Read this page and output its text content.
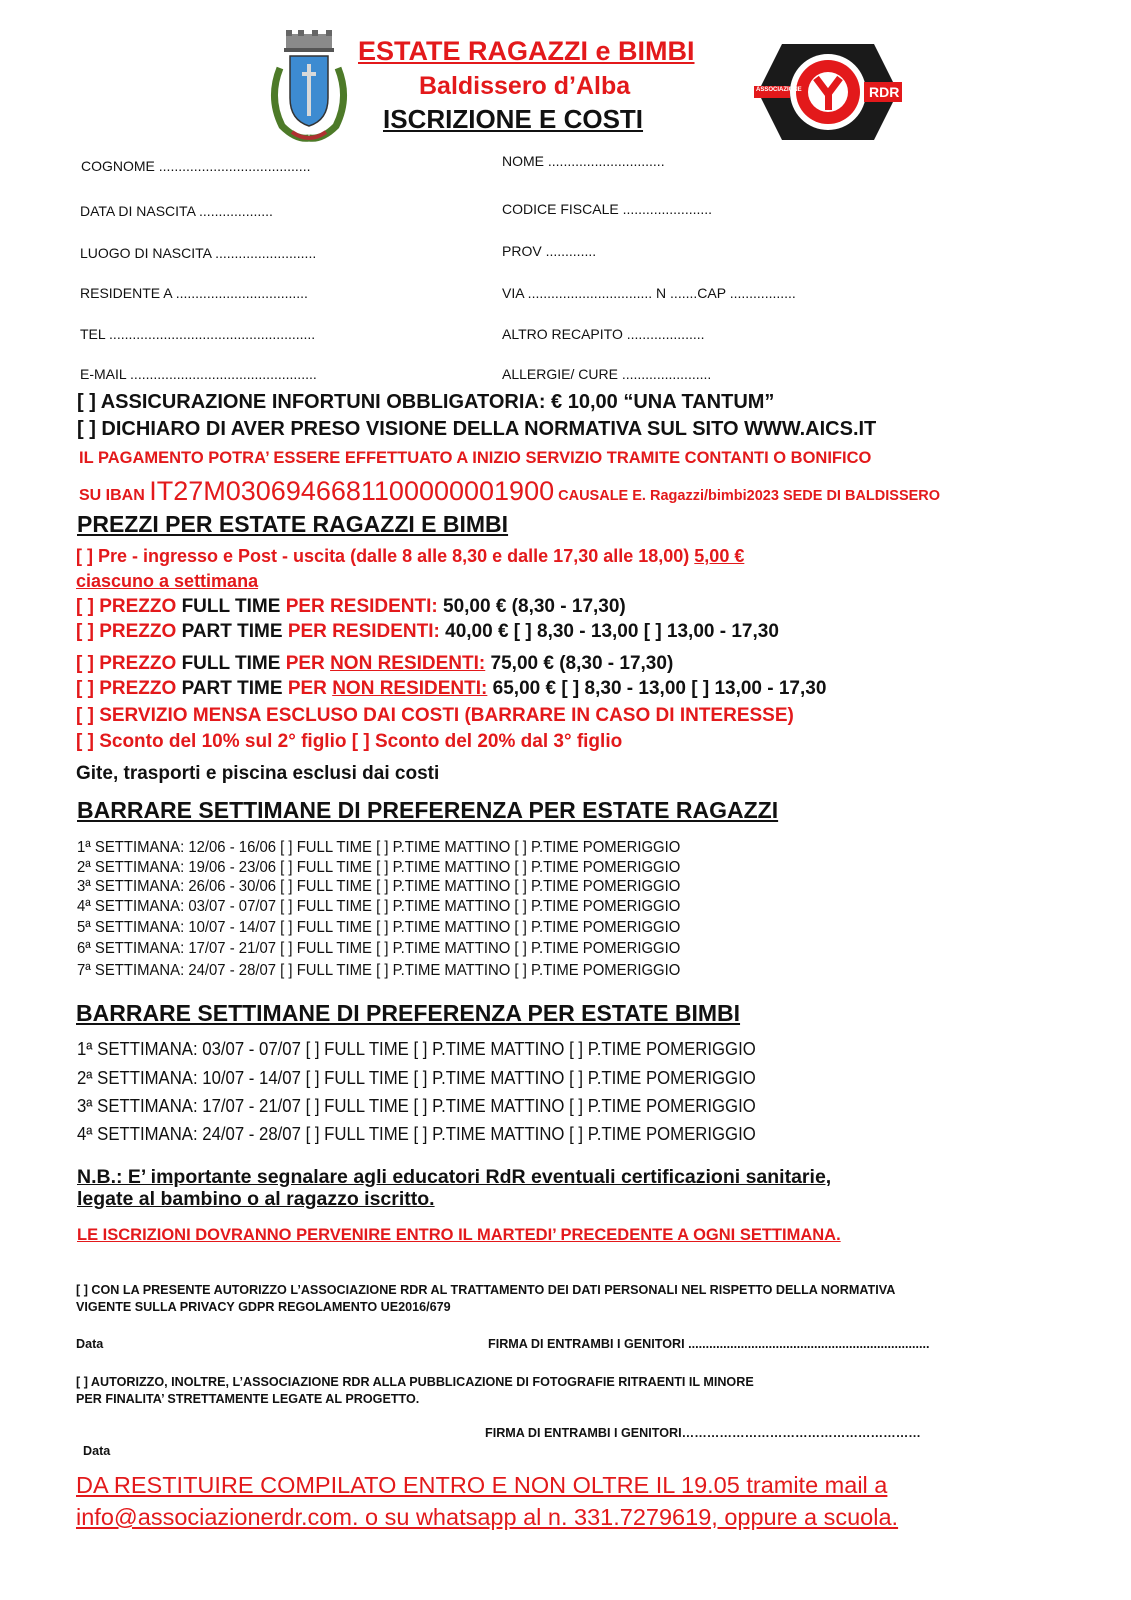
ESTATE RAGAZZI e BIMBI
Baldissero d’Alba
ISCRIZIONE E COSTI
ASSOCIAZIONE	RDR
COGNOME .......................................	NOME ..............................
DATA DI NASCITA ...................	CODICE FISCALE .......................
LUOGO DI NASCITA ..........................	PROV .............
RESIDENTE A ..................................	VIA ................................ N .......CAP .................
TEL .....................................................	ALTRO RECAPITO ....................
E-MAIL ................................................	ALLERGIE/ CURE .......................
[ ] ASSICURAZIONE INFORTUNI OBBLIGATORIA: € 10,00 “UNA TANTUM”
[ ] DICHIARO DI AVER PRESO VISIONE DELLA NORMATIVA SUL SITO WWW.AICS.IT
IL PAGAMENTO POTRA’ ESSERE EFFETTUATO A INIZIO SERVIZIO TRAMITE CONTANTI O BONIFICO
SU IBAN IT27M0306946681100000001900 CAUSALE E. Ragazzi/bimbi2023 SEDE DI BALDISSERO
PREZZI PER ESTATE RAGAZZI E BIMBI
[ ] Pre - ingresso e Post - uscita (dalle 8 alle 8,30 e dalle 17,30 alle 18,00) 5,00 €
ciascuno a settimana
[ ] PREZZO FULL TIME PER RESIDENTI: 50,00 € (8,30 - 17,30)
[ ] PREZZO PART TIME PER RESIDENTI: 40,00 € [ ] 8,30 - 13,00 [ ] 13,00 - 17,30
[ ] PREZZO FULL TIME PER NON RESIDENTI: 75,00 € (8,30 - 17,30)
[ ] PREZZO PART TIME PER NON RESIDENTI: 65,00 € [ ] 8,30 - 13,00 [ ] 13,00 - 17,30
[ ] SERVIZIO MENSA ESCLUSO DAI COSTI (BARRARE IN CASO DI INTERESSE)
[ ] Sconto del 10% sul 2° figlio [ ] Sconto del 20% dal 3° figlio
Gite, trasporti e piscina esclusi dai costi
BARRARE SETTIMANE DI PREFERENZA PER ESTATE RAGAZZI
1ª SETTIMANA: 12/06 - 16/06 [ ] FULL TIME [ ] P.TIME MATTINO [ ] P.TIME POMERIGGIO
2ª SETTIMANA: 19/06 - 23/06 [ ] FULL TIME [ ] P.TIME MATTINO [ ] P.TIME POMERIGGIO
3ª SETTIMANA: 26/06 - 30/06 [ ] FULL TIME [ ] P.TIME MATTINO [ ] P.TIME POMERIGGIO
4ª SETTIMANA: 03/07 - 07/07 [ ] FULL TIME [ ] P.TIME MATTINO [ ] P.TIME POMERIGGIO
5ª SETTIMANA: 10/07 - 14/07 [ ] FULL TIME [ ] P.TIME MATTINO [ ] P.TIME POMERIGGIO
6ª SETTIMANA: 17/07 - 21/07 [ ] FULL TIME [ ] P.TIME MATTINO [ ] P.TIME POMERIGGIO
7ª SETTIMANA: 24/07 - 28/07 [ ] FULL TIME [ ] P.TIME MATTINO [ ] P.TIME POMERIGGIO
BARRARE SETTIMANE DI PREFERENZA PER ESTATE BIMBI
1ª SETTIMANA: 03/07 - 07/07 [ ] FULL TIME [ ] P.TIME MATTINO [ ] P.TIME POMERIGGIO
2ª SETTIMANA: 10/07 - 14/07 [ ] FULL TIME [ ] P.TIME MATTINO [ ] P.TIME POMERIGGIO
3ª SETTIMANA: 17/07 - 21/07 [ ] FULL TIME [ ] P.TIME MATTINO [ ] P.TIME POMERIGGIO
4ª SETTIMANA: 24/07 - 28/07 [ ] FULL TIME [ ] P.TIME MATTINO [ ] P.TIME POMERIGGIO
N.B.: E’ importante segnalare agli educatori RdR eventuali certificazioni sanitarie,
legate al bambino o al ragazzo iscritto.
LE ISCRIZIONI DOVRANNO PERVENIRE ENTRO IL MARTEDI’ PRECEDENTE A OGNI SETTIMANA.
[ ] CON LA PRESENTE AUTORIZZO L’ASSOCIAZIONE RDR AL TRATTAMENTO DEI DATI PERSONALI NEL RISPETTO DELLA NORMATIVA
VIGENTE SULLA PRIVACY GDPR REGOLAMENTO UE2016/679
Data	FIRMA DI ENTRAMBI I GENITORI .....................................................................
[ ] AUTORIZZO, INOLTRE, L’ASSOCIAZIONE RDR ALLA PUBBLICAZIONE DI FOTOGRAFIE RITRAENTI IL MINORE
PER FINALITA’ STRETTAMENTE LEGATE AL PROGETTO.
FIRMA DI ENTRAMBI I GENITORI…………………………………………………
Data
DA RESTITUIRE COMPILATO ENTRO E NON OLTRE IL 19.05 tramite mail a
info@associazionerdr.com. o su whatsapp al n. 331.7279619, oppure a scuola.
